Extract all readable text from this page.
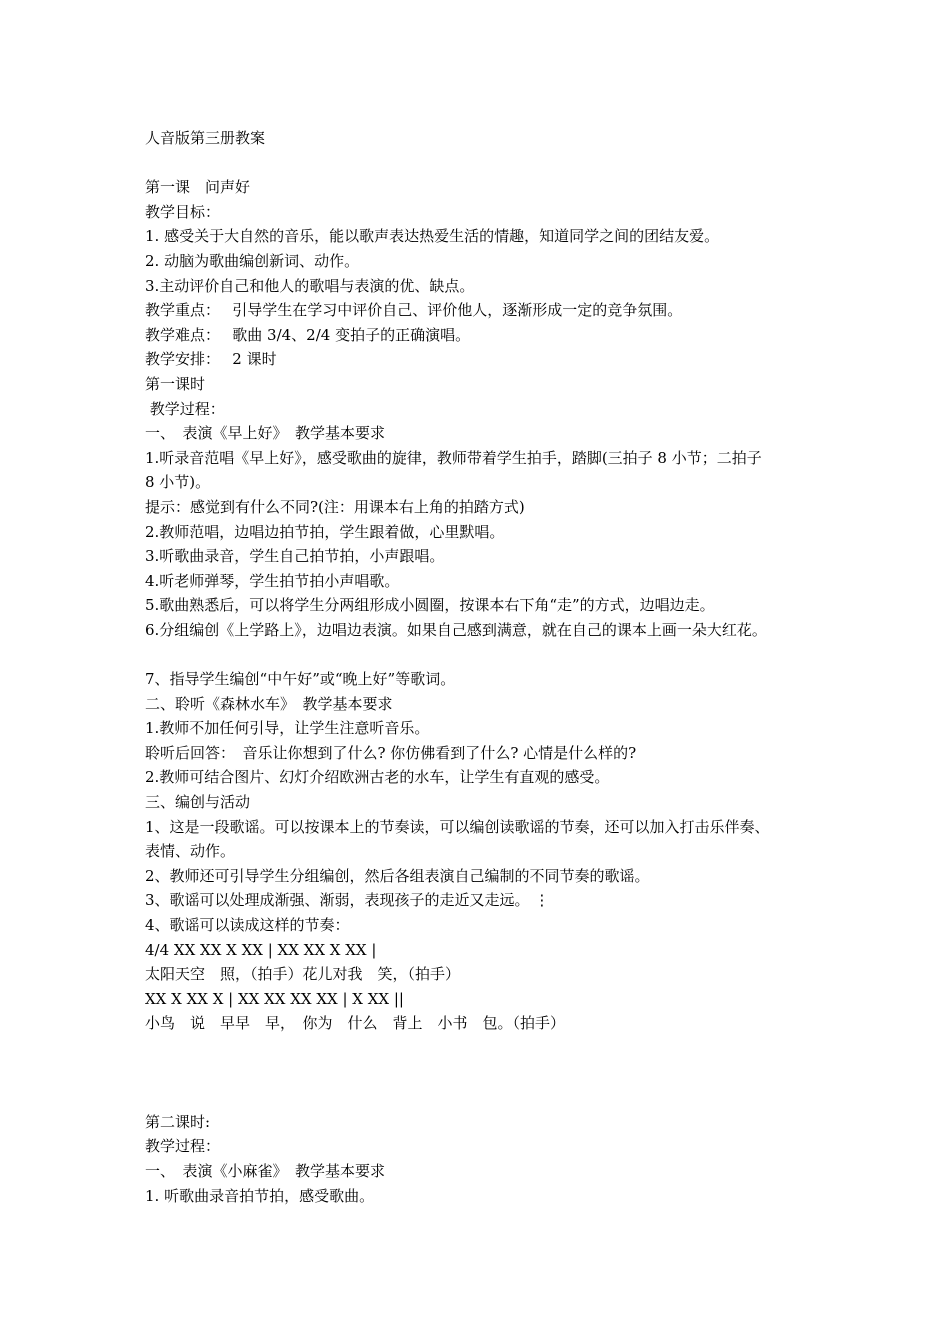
人音版第三册教案
第一课　问声好
教学目标：
1. 感受关于大自然的音乐，能以歌声表达热爱生活的情趣，知道同学之间的团结友爱。
2. 动脑为歌曲编创新词、动作。
3.主动评价自己和他人的歌唱与表演的优、缺点。
教学重点：　 引导学生在学习中评价自己、评价他人，逐渐形成一定的竞争氛围。
教学难点：　 歌曲 3/4、2/4 变拍子的正确演唱。
教学安排：　 2 课时
第一课时
教学过程：
一、　表演《早上好》　教学基本要求
1.听录音范唱《早上好》，感受歌曲的旋律，教师带着学生拍手，踏脚(三拍子 8 小节；二拍子
8 小节)。
提示：感觉到有什么不同?(注：用课本右上角的拍踏方式)
2.教师范唱，边唱边拍节拍，学生跟着做，心里默唱。
3.听歌曲录音，学生自己拍节拍，小声跟唱。
4.听老师弹琴，学生拍节拍小声唱歌。
5.歌曲熟悉后，可以将学生分两组形成小圆圈，按课本右下角“走”的方式，边唱边走。
6.分组编创《上学路上》，边唱边表演。如果自己感到满意，就在自己的课本上画一朵大红花。
7、指导学生编创“中午好”或“晚上好”等歌词。
二、聆听《森林水车》　教学基本要求
1.教师不加任何引导，让学生注意听音乐。
聆听后回答：　音乐让你想到了什么? 你仿佛看到了什么? 心情是什么样的?
2.教师可结合图片、幻灯介绍欧洲古老的水车，让学生有直观的感受。
三、编创与活动
1、这是一段歌谣。可以按课本上的节奏读，可以编创读歌谣的节奏，还可以加入打击乐伴奏、
表情、动作。
2、教师还可引导学生分组编创，然后各组表演自己编制的不同节奏的歌谣。
3、歌谣可以处理成渐强、渐弱，表现孩子的走近又走远。 ⋮
4、歌谣可以读成这样的节奏：
4/4 XX XX X XX | XX XX X XX |
太阳天空　照，（拍手）花儿对我　笑，（拍手）
XX X XX X | XX XX XX XX | X XX ||
小鸟　说　早早　早，　你为　什么　背上　小书　包。（拍手）
第二课时:
教学过程：
一、　表演《小麻雀》　教学基本要求
1. 听歌曲录音拍节拍，感受歌曲。
